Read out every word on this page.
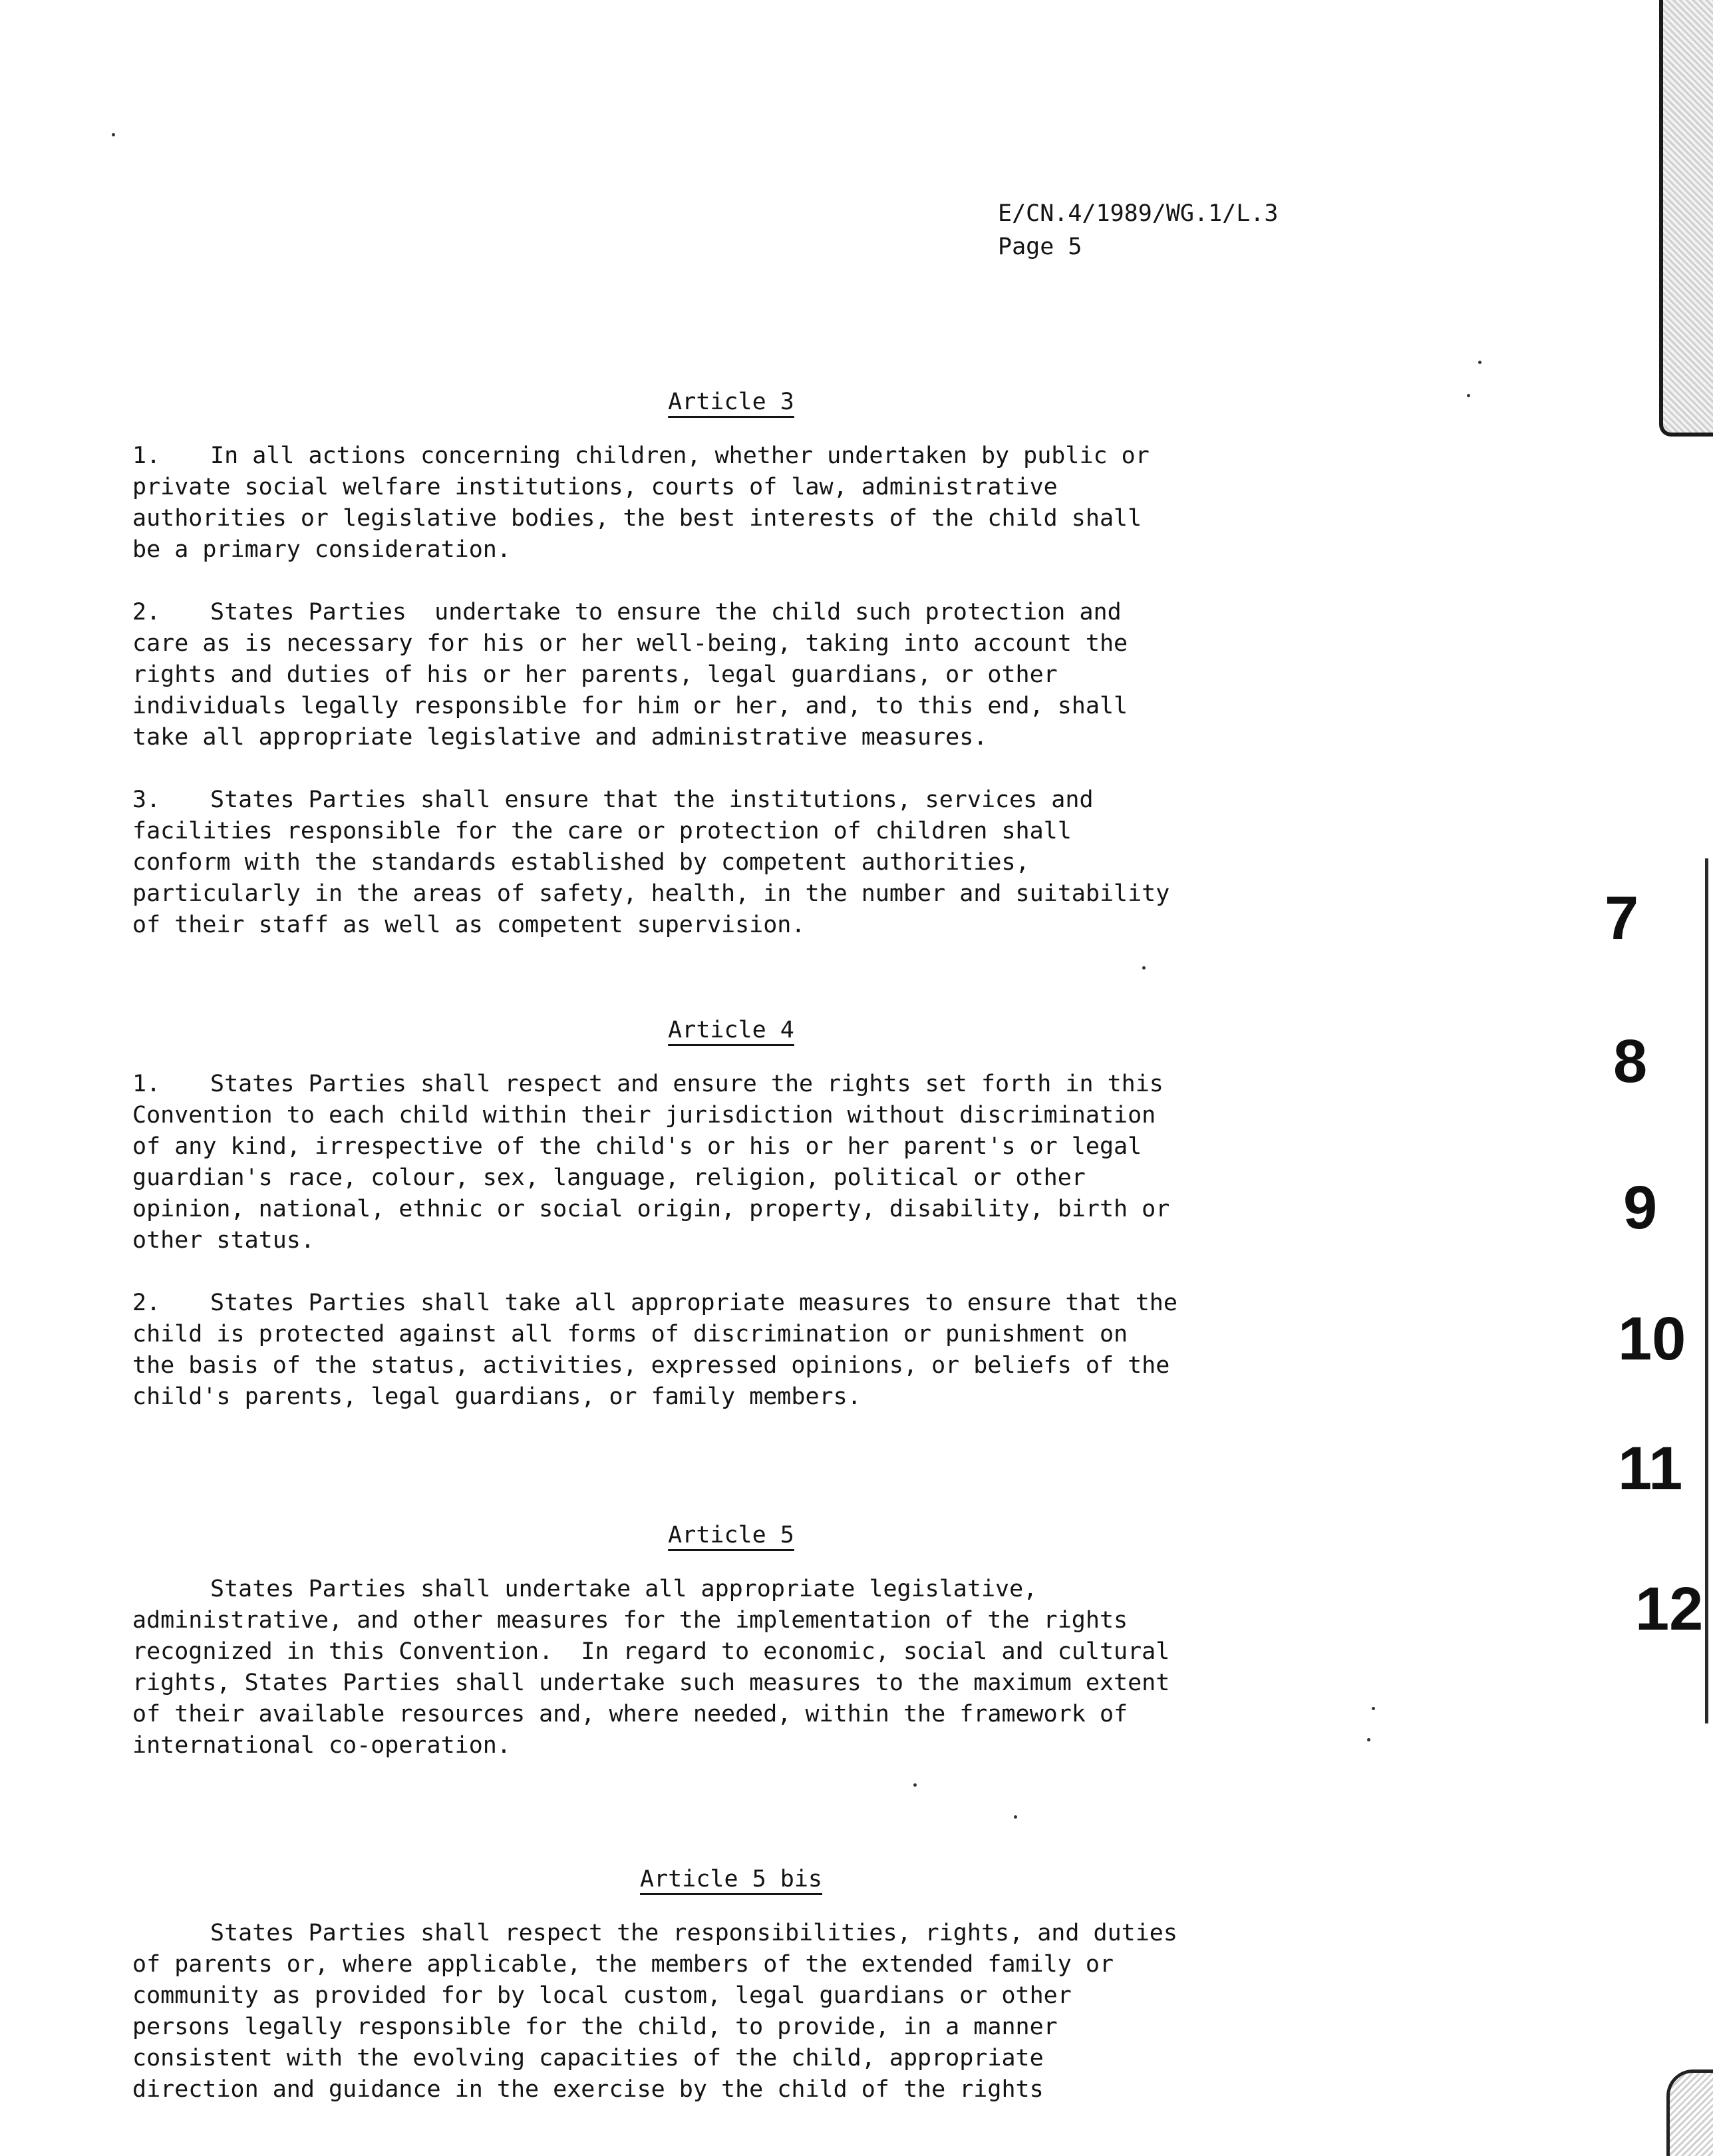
E/CN.4/1989/WG.1/L.3
Page 5
Article 3

1. In all actions concerning children, whether undertaken by public or
private social welfare institutions, courts of law, administrative
authorities or legislative bodies, the best interests of the child shall
be a primary consideration.

2. States Parties  undertake to ensure the child such protection and
care as is necessary for his or her well-being, taking into account the
rights and duties of his or her parents, legal guardians, or other
individuals legally responsible for him or her, and, to this end, shall
take all appropriate legislative and administrative measures.

3. States Parties shall ensure that the institutions, services and
facilities responsible for the care or protection of children shall
conform with the standards established by competent authorities,
particularly in the areas of safety, health, in the number and suitability
of their staff as well as competent supervision.

Article 4

1. States Parties shall respect and ensure the rights set forth in this
Convention to each child within their jurisdiction without discrimination
of any kind, irrespective of the child's or his or her parent's or legal
guardian's race, colour, sex, language, religion, political or other
opinion, national, ethnic or social origin, property, disability, birth or
other status.

2. States Parties shall take all appropriate measures to ensure that the
child is protected against all forms of discrimination or punishment on
the basis of the status, activities, expressed opinions, or beliefs of the
child's parents, legal guardians, or family members.

Article 5

States Parties shall undertake all appropriate legislative,
administrative, and other measures for the implementation of the rights
recognized in this Convention.  In regard to economic, social and cultural
rights, States Parties shall undertake such measures to the maximum extent
of their available resources and, where needed, within the framework of
international co-operation.

Article 5 bis

States Parties shall respect the responsibilities, rights, and duties
of parents or, where applicable, the members of the extended family or
community as provided for by local custom, legal guardians or other
persons legally responsible for the child, to provide, in a manner
consistent with the evolving capacities of the child, appropriate
direction and guidance in the exercise by the child of the rights

7
8
9
10
11
12
